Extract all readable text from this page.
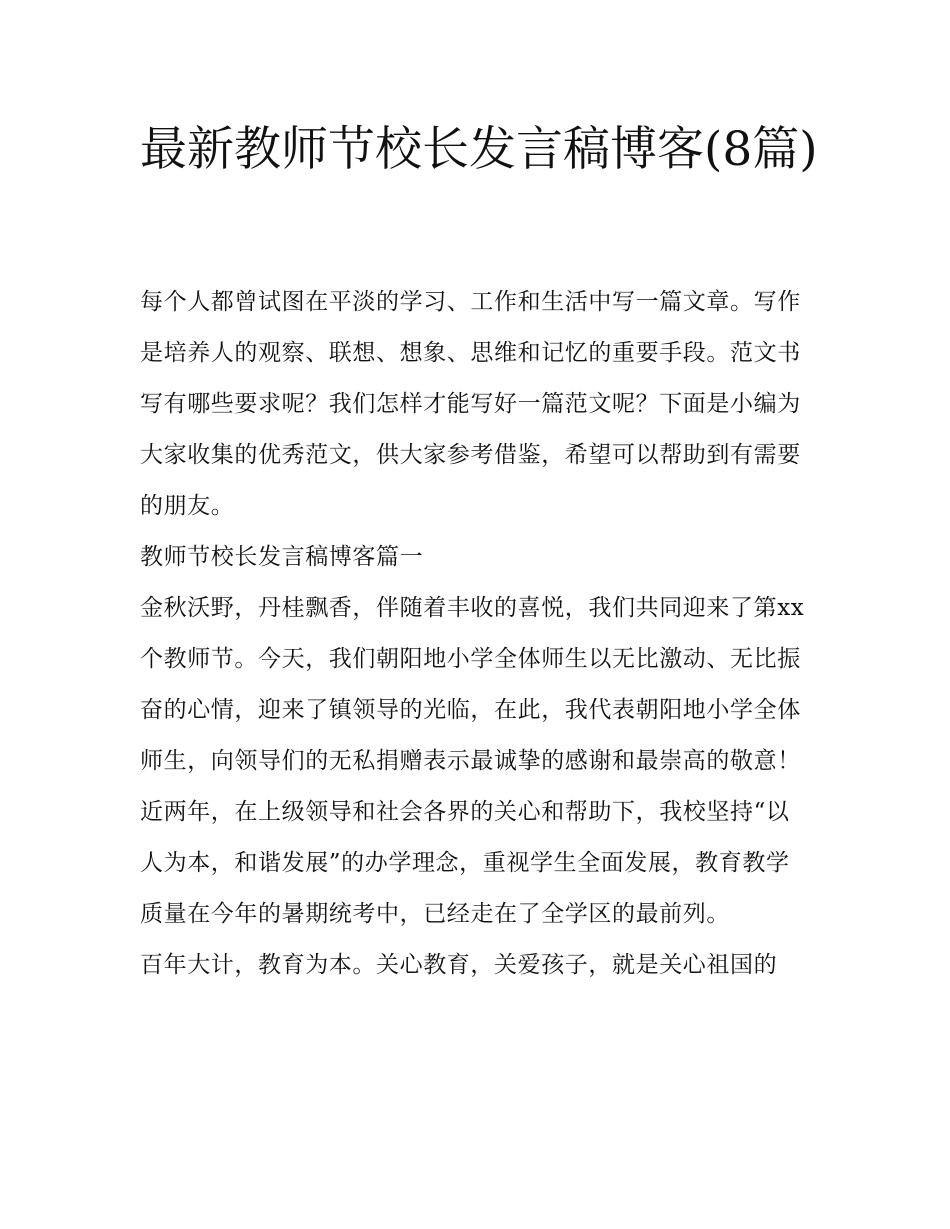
最新教师节校长发言稿博客(8篇)

每个人都曾试图在平淡的学习、工作和生活中写一篇文章。写作是培养人的观察、联想、想象、思维和记忆的重要手段。范文书写有哪些要求呢？我们怎样才能写好一篇范文呢？下面是小编为大家收集的优秀范文，供大家参考借鉴，希望可以帮助到有需要的朋友。

教师节校长发言稿博客篇一

金秋沃野，丹桂飘香，伴随着丰收的喜悦，我们共同迎来了第xx个教师节。今天，我们朝阳地小学全体师生以无比激动、无比振奋的心情，迎来了镇领导的光临，在此，我代表朝阳地小学全体师生，向领导们的无私捐赠表示最诚挚的感谢和最崇高的敬意！

近两年，在上级领导和社会各界的关心和帮助下，我校坚持“以人为本，和谐发展”的办学理念，重视学生全面发展，教育教学质量在今年的暑期统考中，已经走在了全学区的最前列。

百年大计，教育为本。关心教育，关爱孩子，就是关心祖国的
